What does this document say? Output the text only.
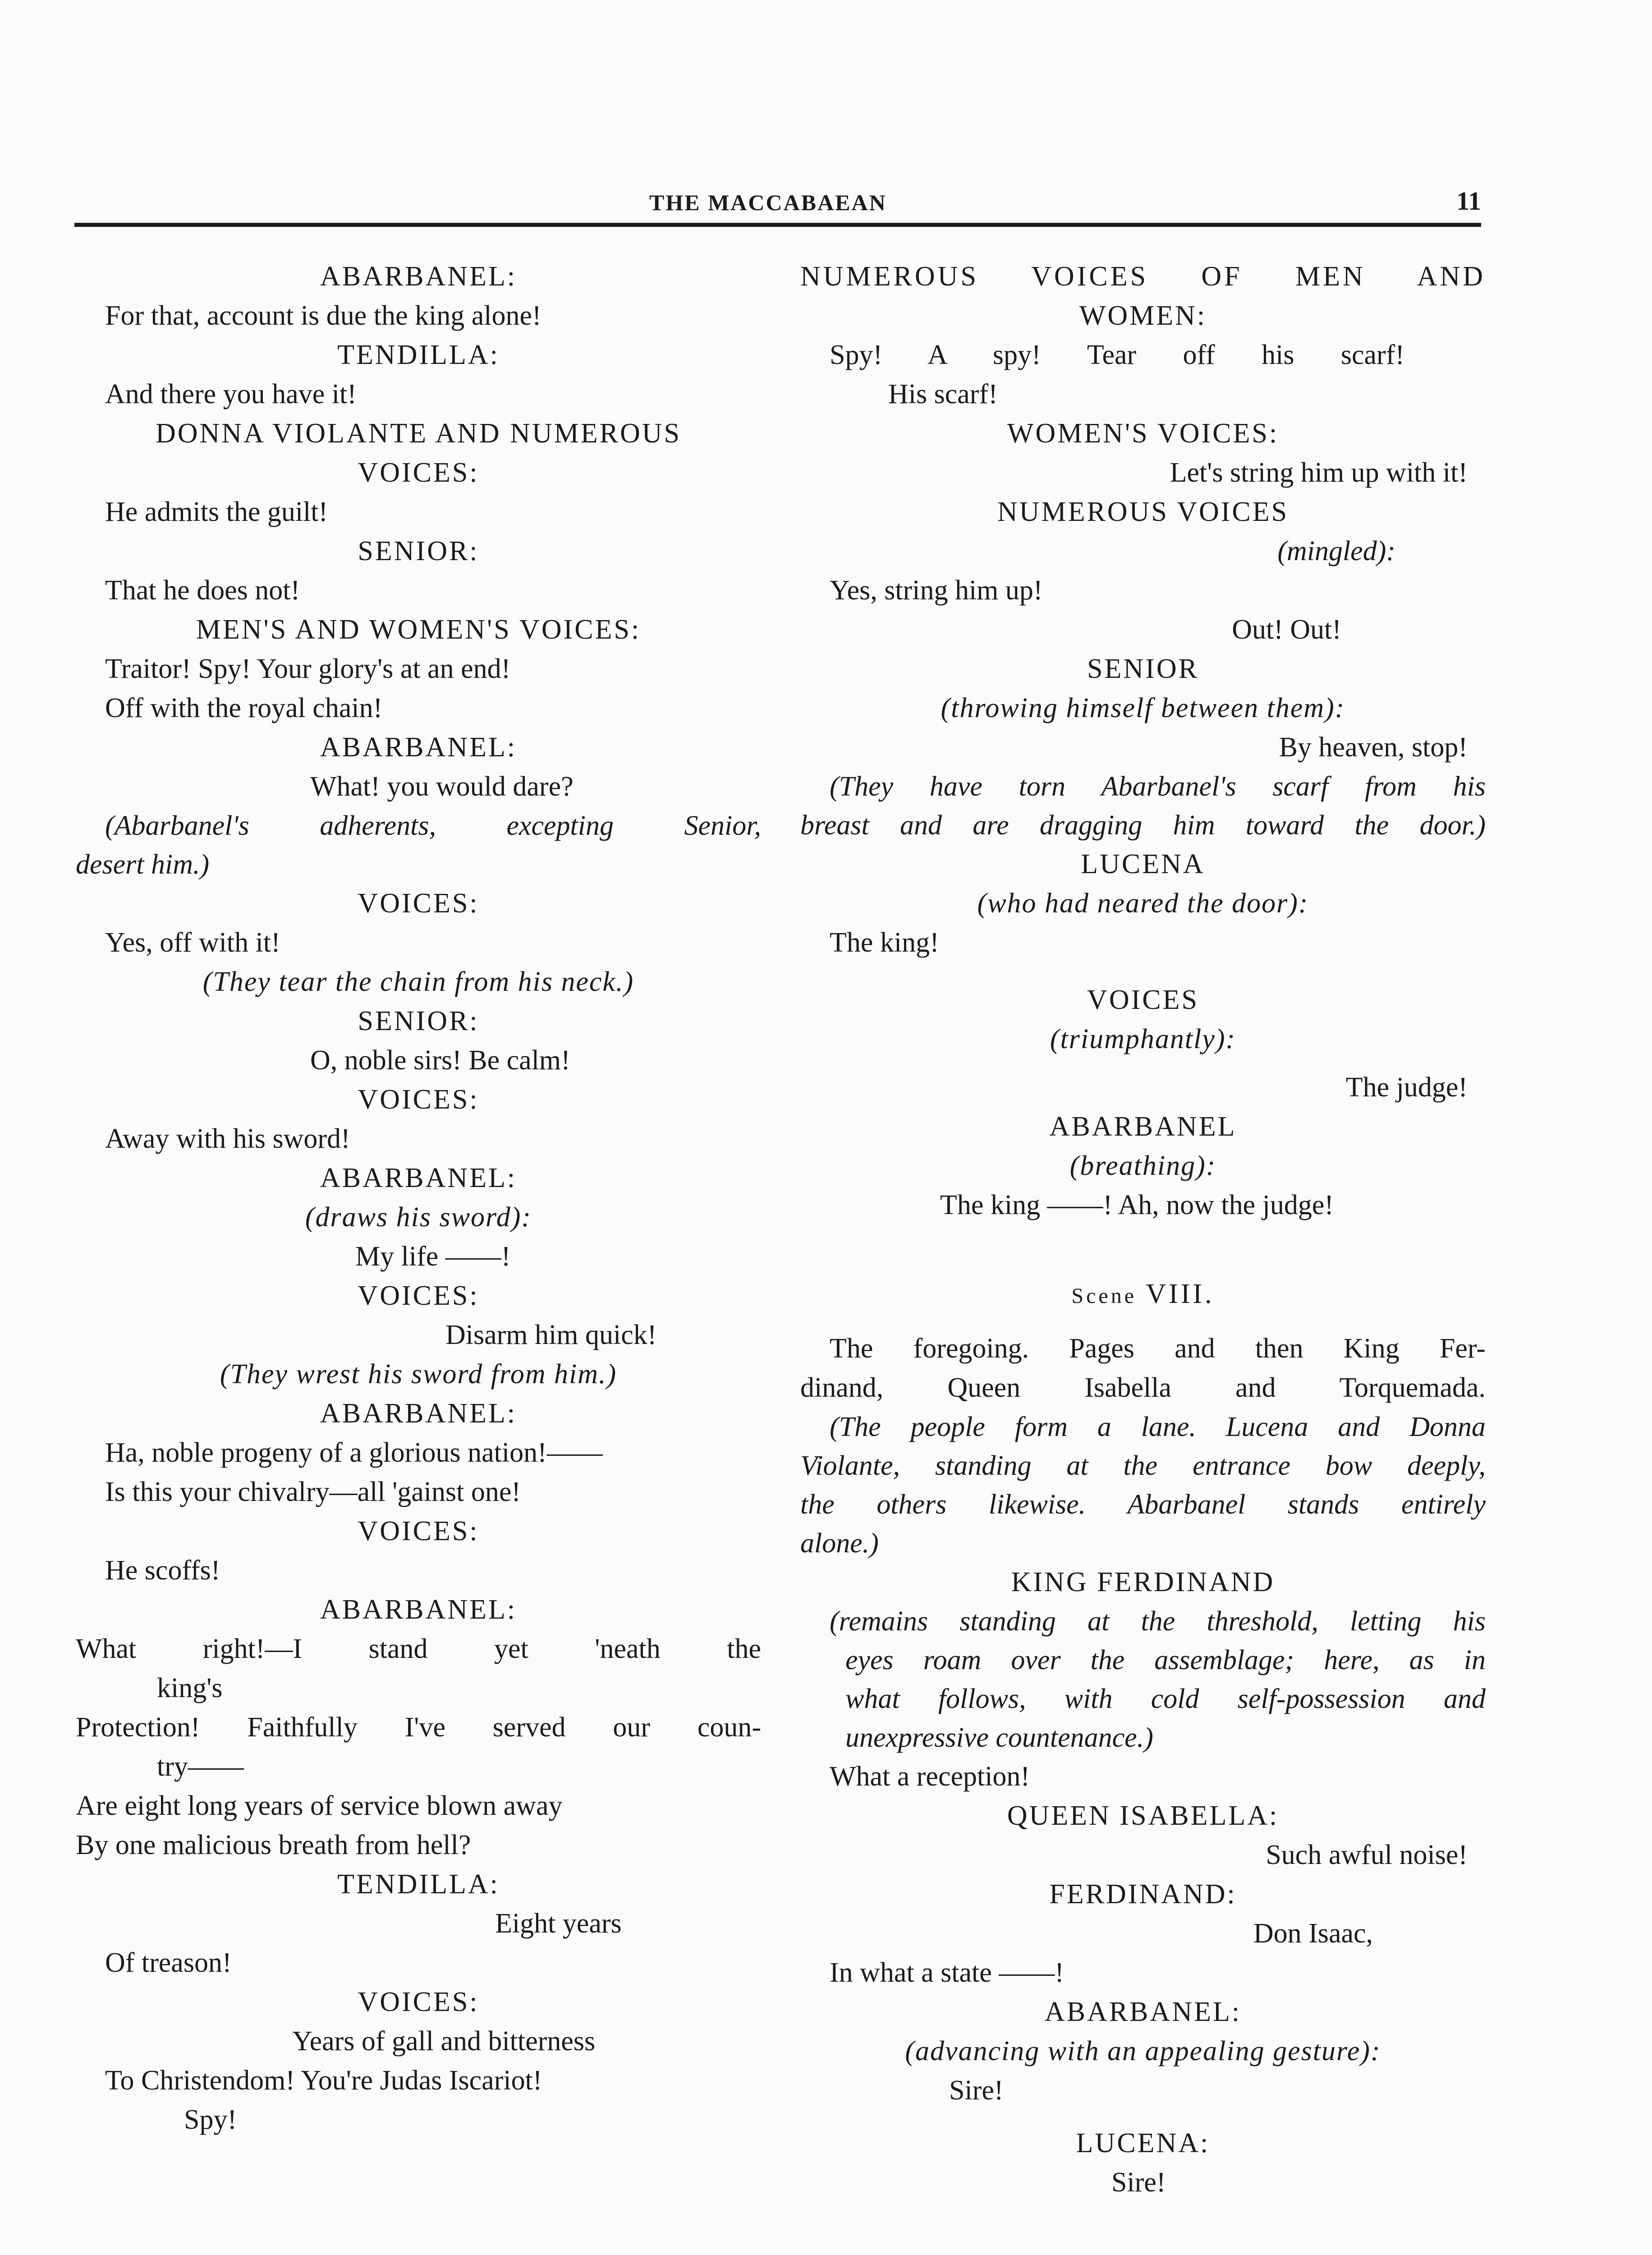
THE MACCABAEAN	11
ABARBANEL:
For that, account is due the king alone!
TENDILLA:
And there you have it!
DONNA VIOLANTE AND NUMEROUS
VOICES:
He admits the guilt!
SENIOR:
That he does not!
MEN'S AND WOMEN'S VOICES:
Traitor! Spy! Your glory's at an end!
Off with the royal chain!
ABARBANEL:
What! you would dare?
(Abarbanel's adherents, excepting Senior,
desert him.)
VOICES:
Yes, off with it!
(They tear the chain from his neck.)
SENIOR:
O, noble sirs! Be calm!
VOICES:
Away with his sword!
ABARBANEL:
(draws his sword):
My life ——!
VOICES:
Disarm him quick!
(They wrest his sword from him.)
ABARBANEL:
Ha, noble progeny of a glorious nation!——
Is this your chivalry—all 'gainst one!
VOICES:
He scoffs!
ABARBANEL:
What right!—I stand yet 'neath the
king's
Protection! Faithfully I've served our coun-
try——
Are eight long years of service blown away
By one malicious breath from hell?
TENDILLA:
Eight years
Of treason!
VOICES:
Years of gall and bitterness
To Christendom! You're Judas Iscariot!
Spy!
NUMEROUS VOICES OF MEN AND
WOMEN:
Spy! A spy! Tear off his scarf!
His scarf!
WOMEN'S VOICES:
Let's string him up with it!
NUMEROUS VOICES
(mingled):
Yes, string him up!
Out! Out!
SENIOR
(throwing himself between them):
By heaven, stop!
(They have torn Abarbanel's scarf from his
breast and are dragging him toward the door.)
LUCENA
(who had neared the door):
The king!
VOICES
(triumphantly):
The judge!
ABARBANEL
(breathing):
The king ——! Ah, now the judge!
Scene VIII.
The foregoing. Pages and then King Fer-
dinand, Queen Isabella and Torquemada.
(The people form a lane. Lucena and Donna
Violante, standing at the entrance bow deeply,
the others likewise. Abarbanel stands entirely
alone.)
KING FERDINAND
(remains standing at the threshold, letting his
eyes roam over the assemblage; here, as in
what follows, with cold self-possession and
unexpressive countenance.)
What a reception!
QUEEN ISABELLA:
Such awful noise!
FERDINAND:
Don Isaac,
In what a state ——!
ABARBANEL:
(advancing with an appealing gesture):
Sire!
LUCENA:
Sire!
